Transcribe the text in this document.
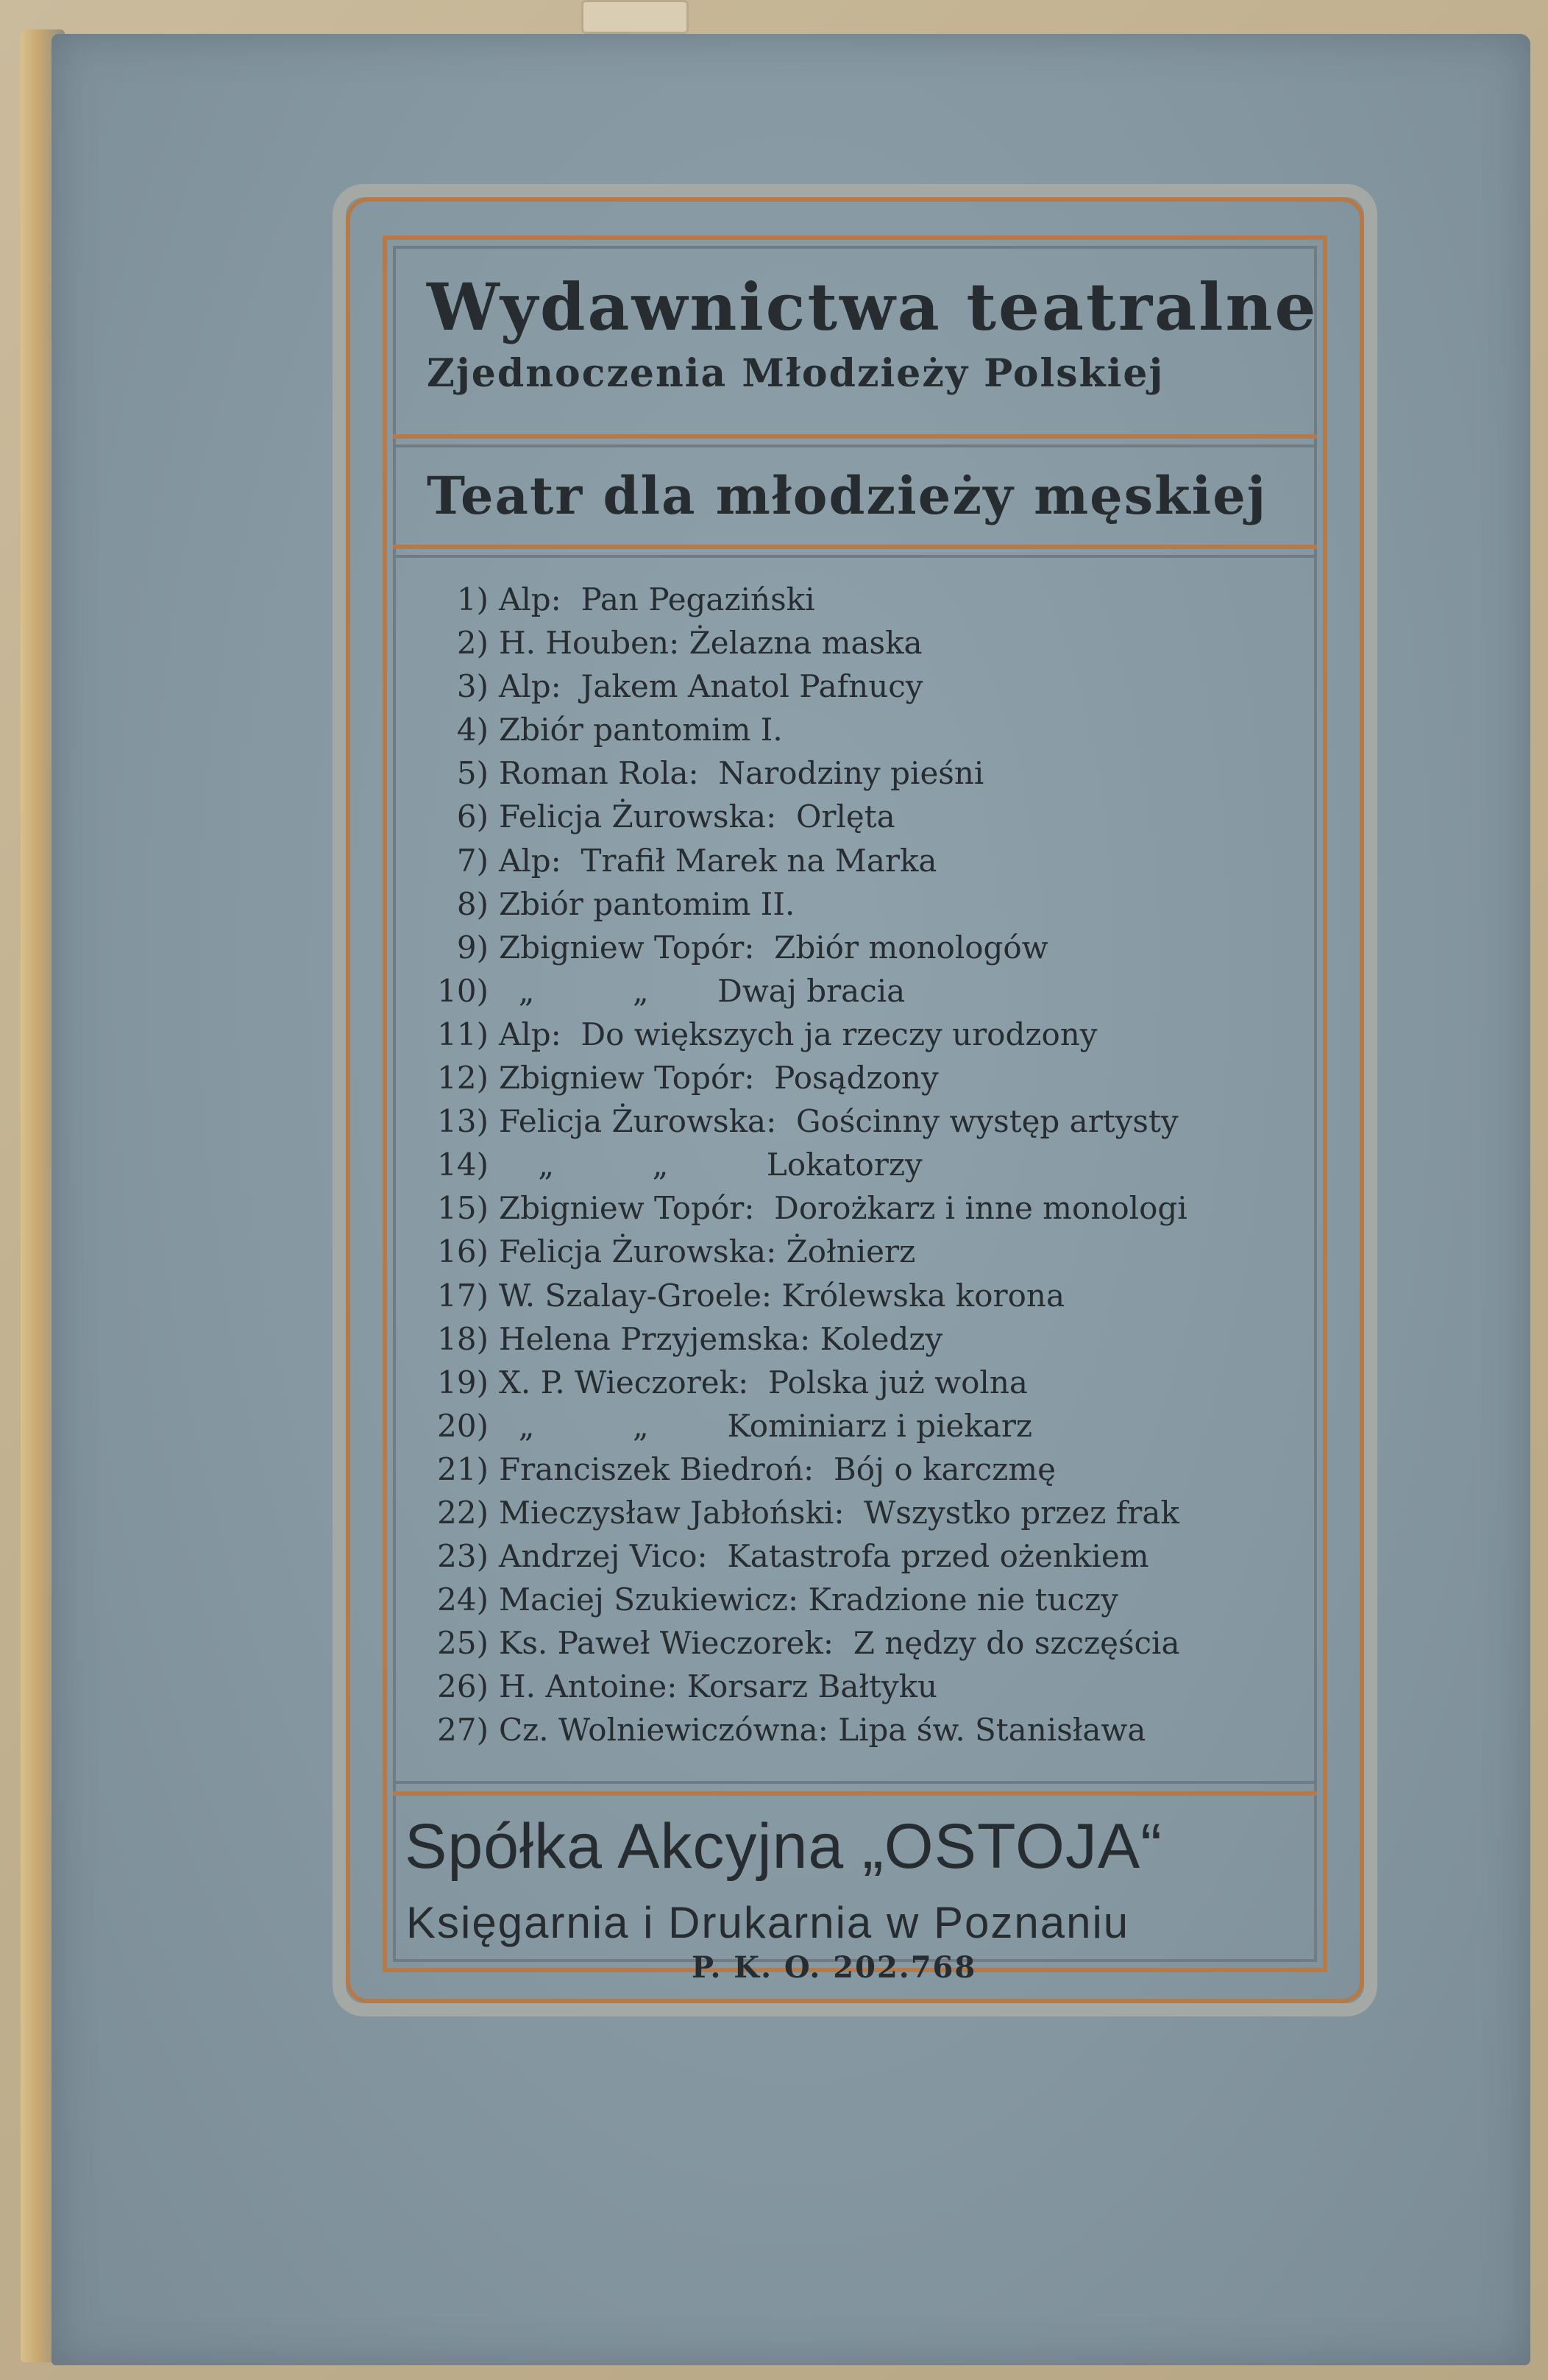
Wydawnictwa teatralne
Zjednoczenia Młodzieży Polskiej
Teatr dla młodzieży męskiej
1) Alp:  Pan Pegaziński
2) H. Houben: Żelazna maska
3) Alp:  Jakem Anatol Pafnucy
4) Zbiór pantomim I.
5) Roman Rola:  Narodziny pieśni
6) Felicja Żurowska:  Orlęta
7) Alp:  Trafił Marek na Marka
8) Zbiór pantomim II.
9) Zbigniew Topór:  Zbiór monologów
10)  „          „       Dwaj bracia
11) Alp:  Do większych ja rzeczy urodzony
12) Zbigniew Topór:  Posądzony
13) Felicja Żurowska:  Gościnny występ artysty
14)    „          „          Lokatorzy
15) Zbigniew Topór:  Dorożkarz i inne monologi
16) Felicja Żurowska: Żołnierz
17) W. Szalay-Groele: Królewska korona
18) Helena Przyjemska: Koledzy
19) X. P. Wieczorek:  Polska już wolna
20)  „          „        Kominiarz i piekarz
21) Franciszek Biedroń:  Bój o karczmę
22) Mieczysław Jabłoński:  Wszystko przez frak
23) Andrzej Vico:  Katastrofa przed ożenkiem
24) Maciej Szukiewicz: Kradzione nie tuczy
25) Ks. Paweł Wieczorek:  Z nędzy do szczęścia
26) H. Antoine: Korsarz Bałtyku
27) Cz. Wolniewiczówna: Lipa św. Stanisława
Spółka Akcyjna „OSTOJA“
Księgarnia i Drukarnia w Poznaniu
P. K. O. 202.768
